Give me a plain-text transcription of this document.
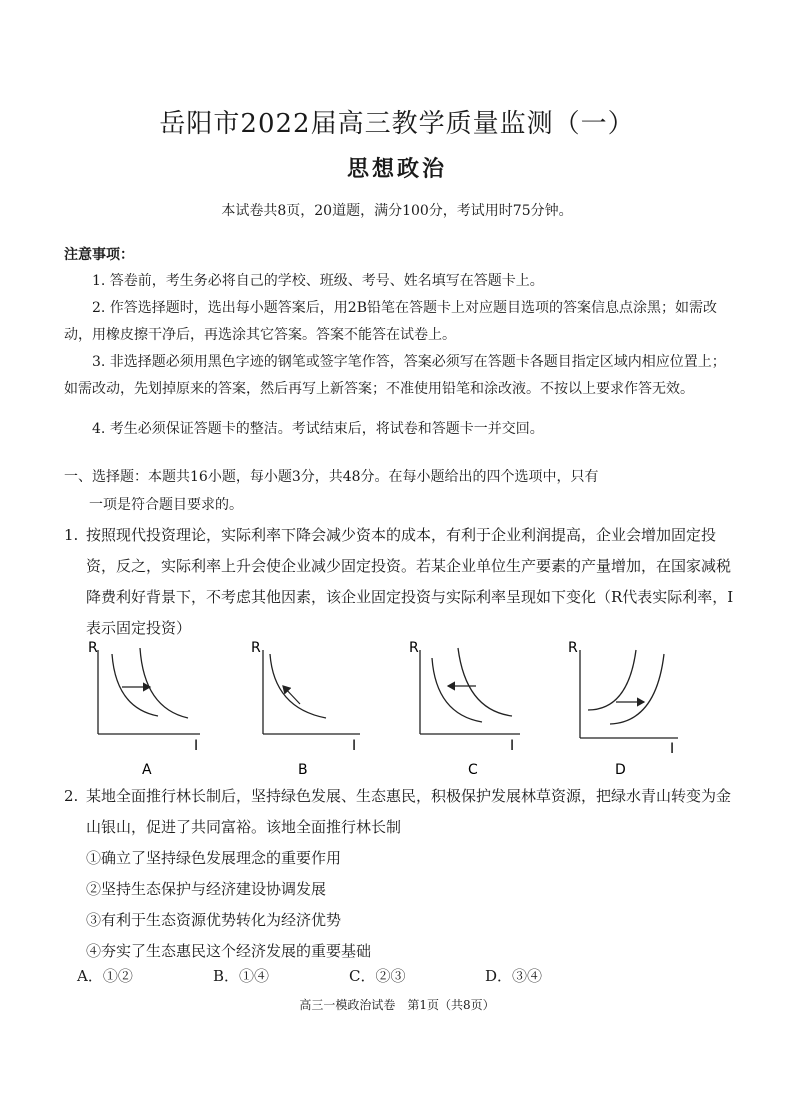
岳阳市2022届高三教学质量监测（一）
思想政治
本试卷共8页，20道题，满分100分，考试用时75分钟。
注意事项：
1. 答卷前，考生务必将自己的学校、班级、考号、姓名填写在答题卡上。
2. 作答选择题时，选出每小题答案后，用2B铅笔在答题卡上对应题目选项的答案信息点涂黑；如需改动，用橡皮擦干净后，再选涂其它答案。答案不能答在试卷上。
3. 非选择题必须用黑色字迹的钢笔或签字笔作答，答案必须写在答题卡各题目指定区域内相应位置上；如需改动，先划掉原来的答案，然后再写上新答案；不准使用铅笔和涂改液。不按以上要求作答无效。
4. 考生必须保证答题卡的整洁。考试结束后，将试卷和答题卡一并交回。
一、选择题：本题共16小题，每小题3分，共48分。在每小题给出的四个选项中，只有
一项是符合题目要求的。
1. 按照现代投资理论，实际利率下降会减少资本的成本，有利于企业利润提高，企业会增加固定投资，反之，实际利率上升会使企业减少固定投资。若某企业单位生产要素的产量增加，在国家减税降费利好背景下，不考虑其他因素，该企业固定投资与实际利率呈现如下变化（R代表实际利率，I表示固定投资）
R
I
A
R
I
B
R
I
C
R
I
D
2. 某地全面推行林长制后，坚持绿色发展、生态惠民，积极保护发展林草资源，把绿水青山转变为金山银山，促进了共同富裕。该地全面推行林长制
①确立了坚持绿色发展理念的重要作用
②坚持生态保护与经济建设协调发展
③有利于生态资源优势转化为经济优势
④夯实了生态惠民这个经济发展的重要基础
A．①②	B．①④	C．②③	D．③④
高三一模政治试卷　第1页（共8页）
